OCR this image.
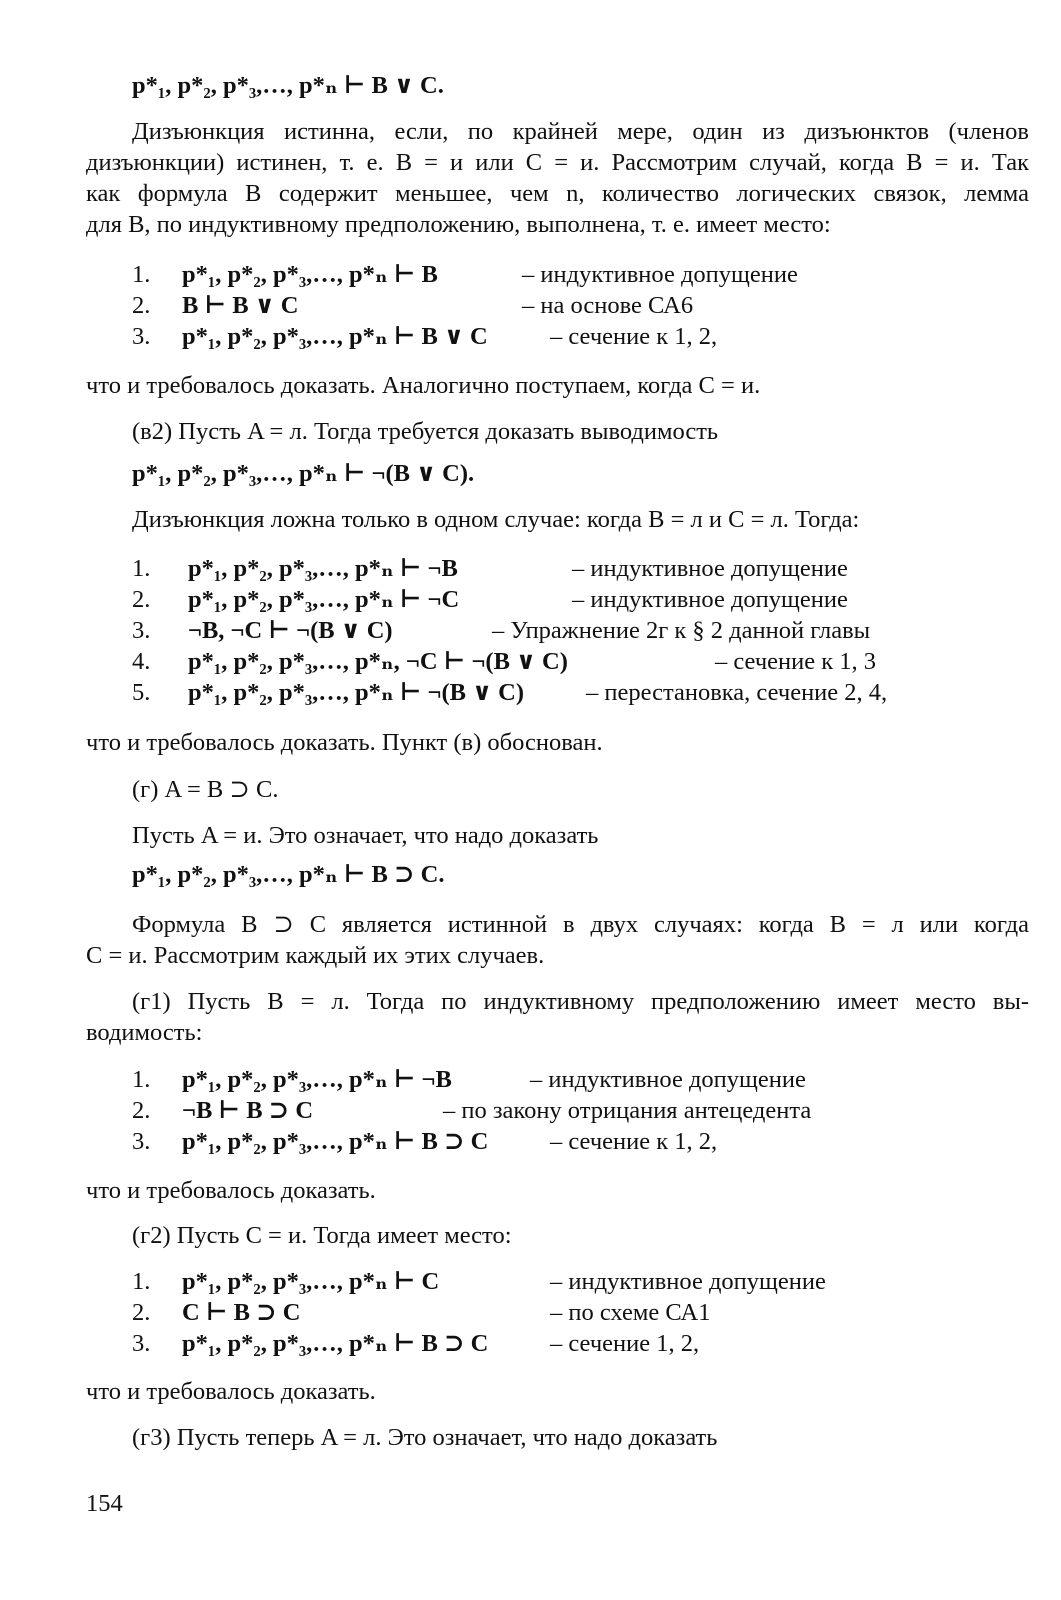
p*₁, p*₂, p*₃,…, p*ₙ ⊢ B ∨ C.
Дизъюнкция истинна, если, по крайней мере, один из дизъюнктов (членов
дизъюнкции) истинен, т. е. B = и или C = и. Рассмотрим случай, когда B = и. Так
как формула B содержит меньшее, чем n, количество логических связок, лемма
для B, по индуктивному предположению, выполнена, т. е. имеет место:
1. p*₁, p*₂, p*₃,…, p*ₙ ⊢ B	– индуктивное допущение
2. B ⊢ B ∨ C	– на основе СА6
3. p*₁, p*₂, p*₃,…, p*ₙ ⊢ B ∨ C	– сечение к 1, 2,
что и требовалось доказать. Аналогично поступаем, когда C = и.
(в2) Пусть A = л. Тогда требуется доказать выводимость
p*₁, p*₂, p*₃,…, p*ₙ ⊢ ¬(B ∨ C).
Дизъюнкция ложна только в одном случае: когда B = л и C = л. Тогда:
1. p*₁, p*₂, p*₃,…, p*ₙ ⊢ ¬B	– индуктивное допущение
2. p*₁, p*₂, p*₃,…, p*ₙ ⊢ ¬C	– индуктивное допущение
3. ¬B, ¬C ⊢ ¬(B ∨ C)	– Упражнение 2г к § 2 данной главы
4. p*₁, p*₂, p*₃,…, p*ₙ, ¬C ⊢ ¬(B ∨ C)	– сечение к 1, 3
5. p*₁, p*₂, p*₃,…, p*ₙ ⊢ ¬(B ∨ C)	– перестановка, сечение 2, 4,
что и требовалось доказать. Пункт (в) обоснован.
(г) A = B ⊃ C.
Пусть A = и. Это означает, что надо доказать
p*₁, p*₂, p*₃,…, p*ₙ ⊢ B ⊃ C.
Формула B ⊃ C является истинной в двух случаях: когда B = л или когда
C = и. Рассмотрим каждый их этих случаев.
(г1) Пусть B = л. Тогда по индуктивному предположению имеет место вы-
водимость:
1. p*₁, p*₂, p*₃,…, p*ₙ ⊢ ¬B	– индуктивное допущение
2. ¬B ⊢ B ⊃ C	– по закону отрицания антецедента
3. p*₁, p*₂, p*₃,…, p*ₙ ⊢ B ⊃ C	– сечение к 1, 2,
что и требовалось доказать.
(г2) Пусть C = и. Тогда имеет место:
1. p*₁, p*₂, p*₃,…, p*ₙ ⊢ C	– индуктивное допущение
2. C ⊢ B ⊃ C	– по схеме СА1
3. p*₁, p*₂, p*₃,…, p*ₙ ⊢ B ⊃ C	– сечение 1, 2,
что и требовалось доказать.
(г3) Пусть теперь A = л. Это означает, что надо доказать
154
